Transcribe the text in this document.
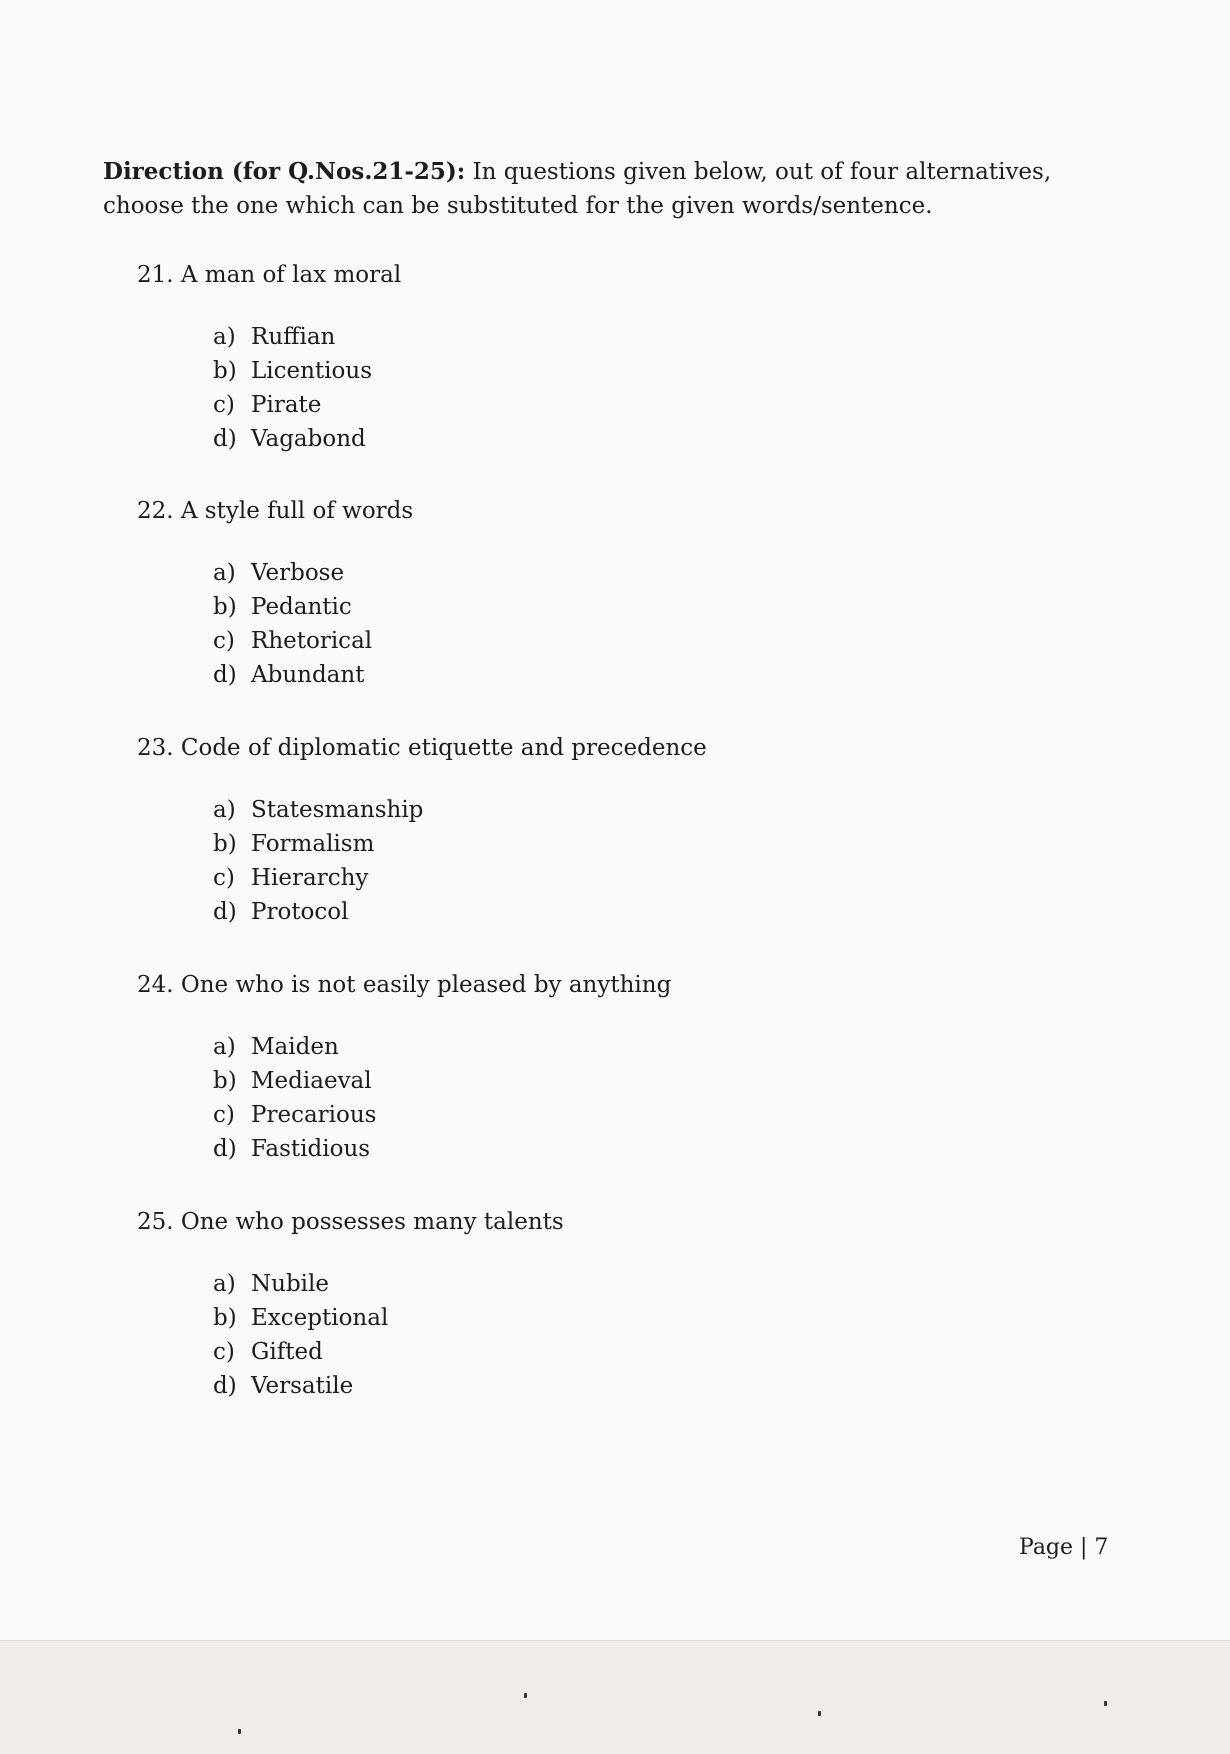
Direction (for Q.Nos.21-25): In questions given below, out of four alternatives, choose the one which can be substituted for the given words/sentence.
21. A man of lax moral
a) Ruffian
b) Licentious
c) Pirate
d) Vagabond
22. A style full of words
a) Verbose
b) Pedantic
c) Rhetorical
d) Abundant
23. Code of diplomatic etiquette and precedence
a) Statesmanship
b) Formalism
c) Hierarchy
d) Protocol
24. One who is not easily pleased by anything
a) Maiden
b) Mediaeval
c) Precarious
d) Fastidious
25. One who possesses many talents
a) Nubile
b) Exceptional
c) Gifted
d) Versatile
Page | 7
